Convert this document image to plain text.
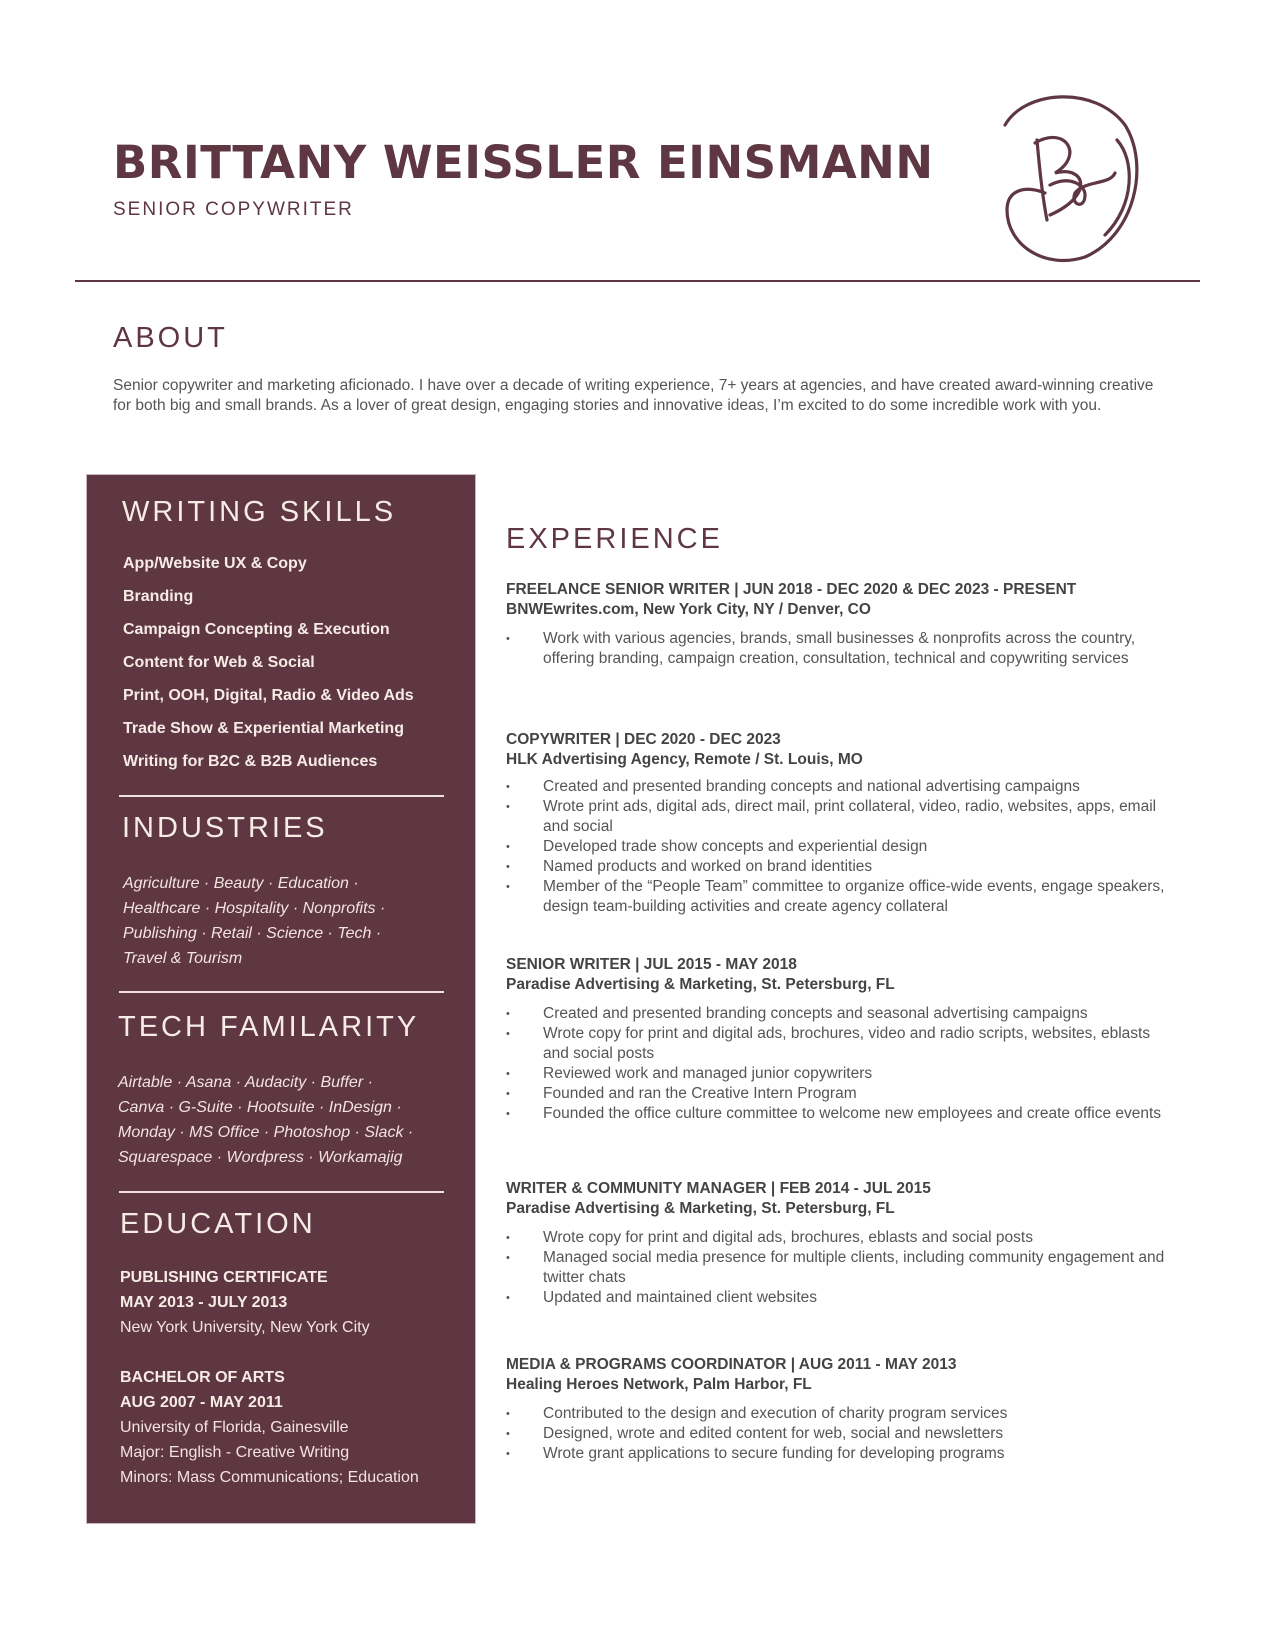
BRITTANY WEISSLER EINSMANN
SENIOR COPYWRITER
ABOUT

Senior copywriter and marketing aficionado. I have over a decade of writing experience, 7+ years at agencies, and have created award-winning creative for both big and small brands. As a lover of great design, engaging stories and innovative ideas, I’m excited to do some incredible work with you.

WRITING SKILLS
App/Website UX & Copy
Branding
Campaign Concepting & Execution
Content for Web & Social
Print, OOH, Digital, Radio & Video Ads
Trade Show & Experiential Marketing
Writing for B2C & B2B Audiences
INDUSTRIES

Agriculture · Beauty · Education ·
Healthcare · Hospitality · Nonprofits ·
Publishing · Retail · Science · Tech ·
Travel & Tourism

TECH FAMILARITY

Airtable · Asana · Audacity · Buffer ·
Canva · G-Suite · Hootsuite · InDesign ·
Monday · MS Office · Photoshop · Slack ·
Squarespace · Wordpress · Workamajig

EDUCATION
PUBLISHING CERTIFICATE
MAY 2013 - JULY 2013
New York University, New York City
BACHELOR OF ARTS
AUG 2007 - MAY 2011
University of Florida, Gainesville
Major: English - Creative Writing
Minors: Mass Communications; Education
EXPERIENCE
FREELANCE SENIOR WRITER | JUN 2018 - DEC 2020 & DEC 2023 - PRESENT
BNWEwrites.com, New York City, NY / Denver, CO
• Work with various agencies, brands, small businesses & nonprofits across the country, offering branding, campaign creation, consultation, technical and copywriting services
COPYWRITER | DEC 2020 - DEC 2023
HLK Advertising Agency, Remote / St. Louis, MO
• Created and presented branding concepts and national advertising campaigns
• Wrote print ads, digital ads, direct mail, print collateral, video, radio, websites, apps, email and social
• Developed trade show concepts and experiential design
• Named products and worked on brand identities
• Member of the “People Team” committee to organize office-wide events, engage speakers, design team-building activities and create agency collateral
SENIOR WRITER | JUL 2015 - MAY 2018
Paradise Advertising & Marketing, St. Petersburg, FL
• Created and presented branding concepts and seasonal advertising campaigns
• Wrote copy for print and digital ads, brochures, video and radio scripts, websites, eblasts and social posts
• Reviewed work and managed junior copywriters
• Founded and ran the Creative Intern Program
• Founded the office culture committee to welcome new employees and create office events
WRITER & COMMUNITY MANAGER | FEB 2014 - JUL 2015
Paradise Advertising & Marketing, St. Petersburg, FL
• Wrote copy for print and digital ads, brochures, eblasts and social posts
• Managed social media presence for multiple clients, including community engagement and twitter chats
• Updated and maintained client websites
MEDIA & PROGRAMS COORDINATOR | AUG 2011 - MAY 2013
Healing Heroes Network, Palm Harbor, FL
• Contributed to the design and execution of charity program services
• Designed, wrote and edited content for web, social and newsletters
• Wrote grant applications to secure funding for developing programs
